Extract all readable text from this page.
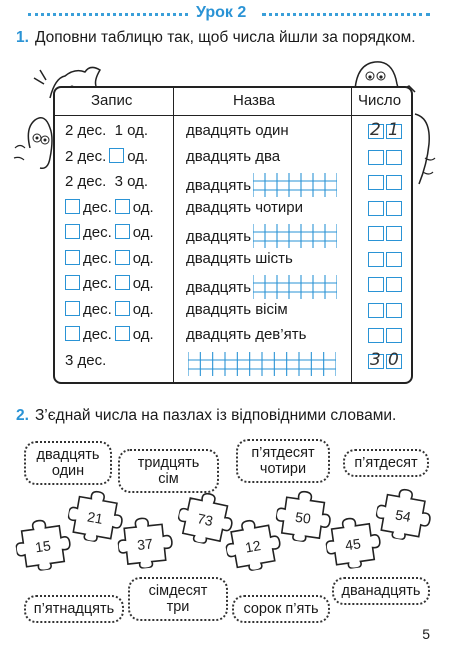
Урок 2
1. Доповни таблицю так, щоб числа йшли за порядком.
Запис	Назва	Число
2 дес. 1 од.	двадцять один	2 1
2 дес. од.	двадцять два
2 дес. 3 од.	двадцять
дес. од. двадцять чотири
дес. од. двадцять
дес. од. двадцять шість
дес. од. двадцять
дес. од. двадцять вісім
дес. од. двадцять дев’ять
3 дес.	3 0
2. З’єднай числа на пазлах із відповідними словами.
двадцять один	тридцять сім
п’ятдесят чотири	п’ятдесят
15
21
37
73
12
50
45
54
п’ятнадцять
сімдесят три	сорок п’ять
дванадцять
5
